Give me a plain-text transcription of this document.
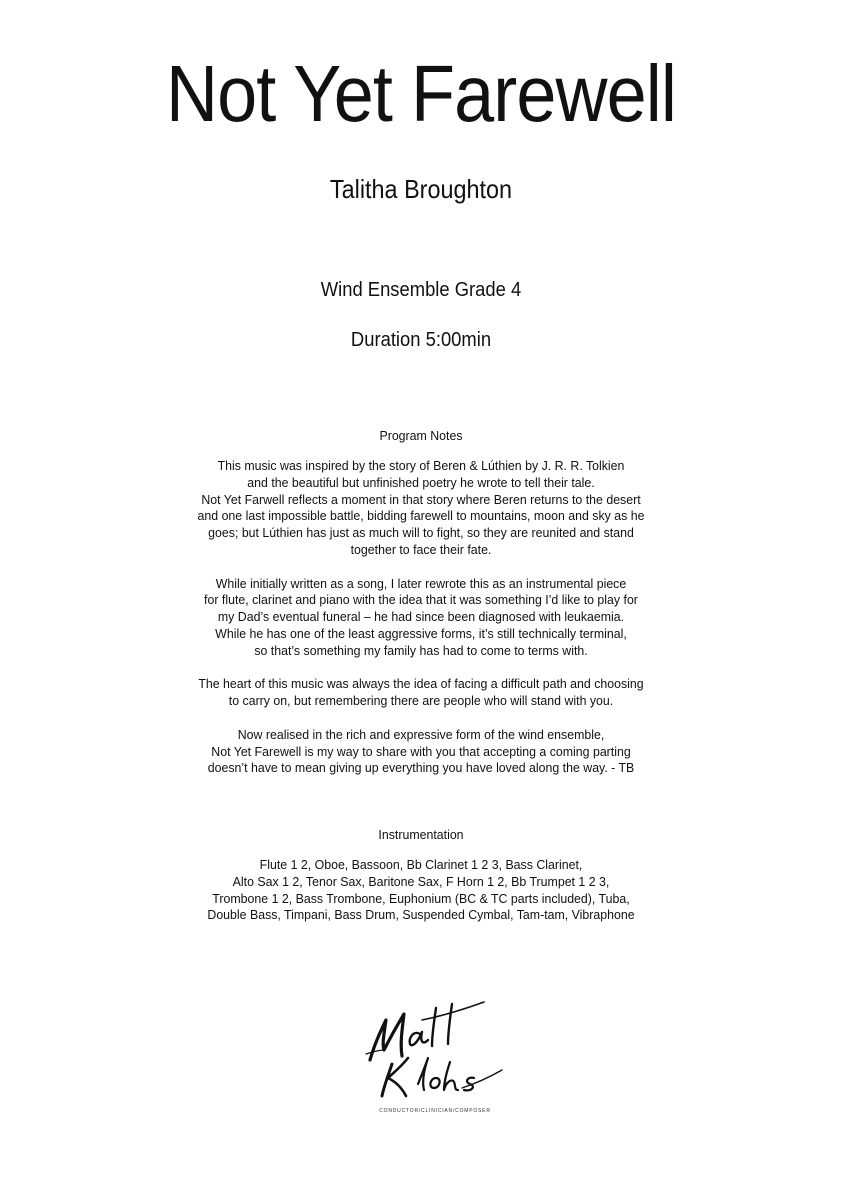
Not Yet Farewell
Talitha Broughton
Wind Ensemble Grade 4
Duration 5:00min
Program Notes
This music was inspired by the story of Beren & Lúthien by J. R. R. Tolkien
and the beautiful but unfinished poetry he wrote to tell their tale.
Not Yet Farwell reflects a moment in that story where Beren returns to the desert
and one last impossible battle, bidding farewell to mountains, moon and sky as he
goes; but Lúthien has just as much will to fight, so they are reunited and stand
together to face their fate.
While initially written as a song, I later rewrote this as an instrumental piece
for flute, clarinet and piano with the idea that it was something I’d like to play for
my Dad’s eventual funeral – he had since been diagnosed with leukaemia.
While he has one of the least aggressive forms, it’s still technically terminal,
so that’s something my family has had to come to terms with.
The heart of this music was always the idea of facing a difficult path and choosing
to carry on, but remembering there are people who will stand with you.
Now realised in the rich and expressive form of the wind ensemble,
Not Yet Farewell is my way to share with you that accepting a coming parting
doesn’t have to mean giving up everything you have loved along the way. - TB
Instrumentation
Flute 1 2, Oboe, Bassoon, Bb Clarinet 1 2 3, Bass Clarinet,
Alto Sax 1 2, Tenor Sax, Baritone Sax, F Horn 1 2, Bb Trumpet 1 2 3,
Trombone 1 2, Bass Trombone, Euphonium (BC & TC parts included), Tuba,
Double Bass, Timpani, Bass Drum, Suspended Cymbal, Tam-tam, Vibraphone
CONDUCTOR/CLINICIAN/COMPOSER
